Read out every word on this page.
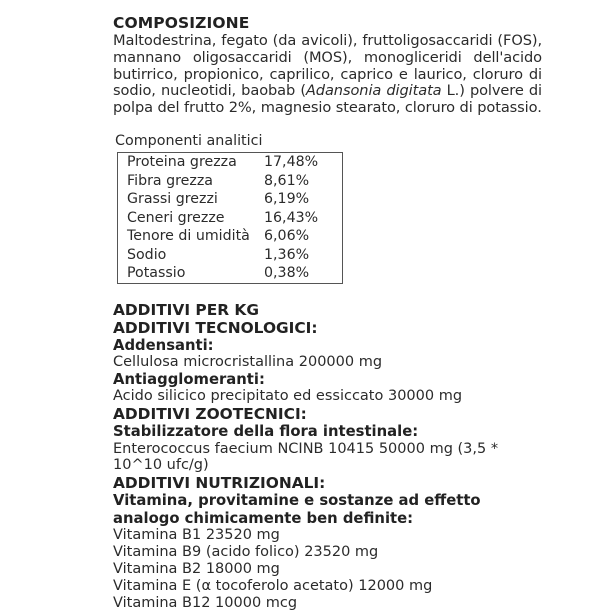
COMPOSIZIONE

Maltodestrina, fegato (da avicoli), fruttoligosaccaridi (FOS), mannano oligosaccaridi (MOS), monogliceridi dell'acido butirrico, propionico, caprilico, caprico e laurico, cloruro di sodio, nucleotidi, baobab (Adansonia digitata L.) polvere di polpa del frutto 2%, magnesio stearato, cloruro di potassio.

Componenti analitici
Proteina grezza	17,48%
Fibra grezza	8,61%
Grassi grezzi	6,19%
Ceneri grezze	16,43%
Tenore di umidità	6,06%
Sodio	1,36%
Potassio	0,38%
ADDITIVI PER KG
ADDITIVI TECNOLOGICI:
Addensanti:
Cellulosa microcristallina 200000 mg
Antiagglomeranti:
Acido silicico precipitato ed essiccato 30000 mg
ADDITIVI ZOOTECNICI:
Stabilizzatore della flora intestinale:
Enterococcus faecium NCINB 10415 50000 mg (3,5 * 10^10 ufc/g)
ADDITIVI NUTRIZIONALI:
Vitamina, provitamine e sostanze ad effetto analogo chimicamente ben definite:
Vitamina B1 23520 mg
Vitamina B9 (acido folico) 23520 mg
Vitamina B2 18000 mg
Vitamina E (α tocoferolo acetato) 12000 mg
Vitamina B12 10000 mcg
